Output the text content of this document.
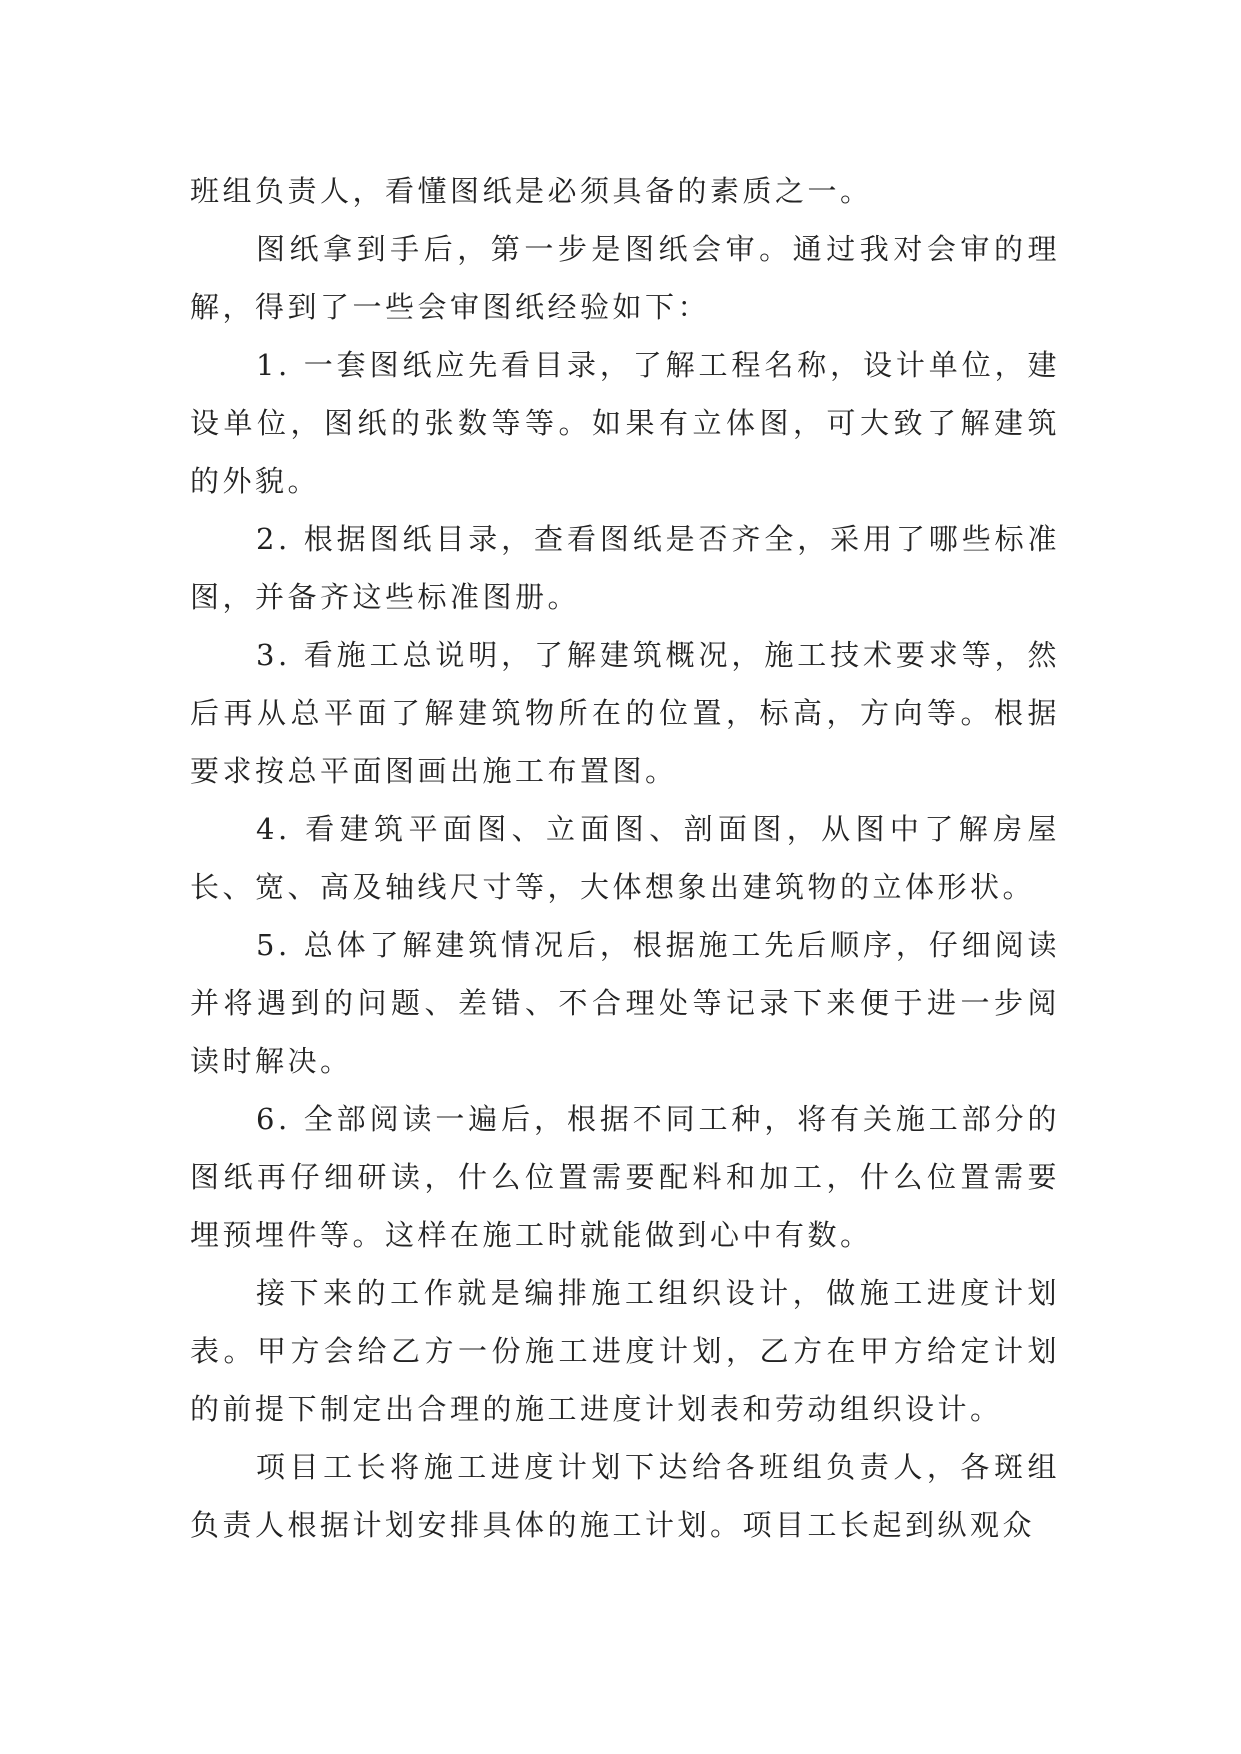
班组负责人，看懂图纸是必须具备的素质之一。

图纸拿到手后，第一步是图纸会审。通过我对会审的理解，得到了一些会审图纸经验如下：

1. 一套图纸应先看目录，了解工程名称，设计单位，建设单位，图纸的张数等等。如果有立体图，可大致了解建筑的外貌。

2. 根据图纸目录，查看图纸是否齐全，采用了哪些标准图，并备齐这些标准图册。

3. 看施工总说明，了解建筑概况，施工技术要求等，然后再从总平面了解建筑物所在的位置，标高，方向等。根据要求按总平面图画出施工布置图。

4. 看建筑平面图、立面图、剖面图，从图中了解房屋长、宽、高及轴线尺寸等，大体想象出建筑物的立体形状。

5. 总体了解建筑情况后，根据施工先后顺序，仔细阅读并将遇到的问题、差错、不合理处等记录下来便于进一步阅读时解决。

6. 全部阅读一遍后，根据不同工种，将有关施工部分的图纸再仔细研读，什么位置需要配料和加工，什么位置需要埋预埋件等。这样在施工时就能做到心中有数。

接下来的工作就是编排施工组织设计，做施工进度计划表。甲方会给乙方一份施工进度计划，乙方在甲方给定计划的前提下制定出合理的施工进度计划表和劳动组织设计。

项目工长将施工进度计划下达给各班组负责人，各斑组负责人根据计划安排具体的施工计划。项目工长起到纵观众
